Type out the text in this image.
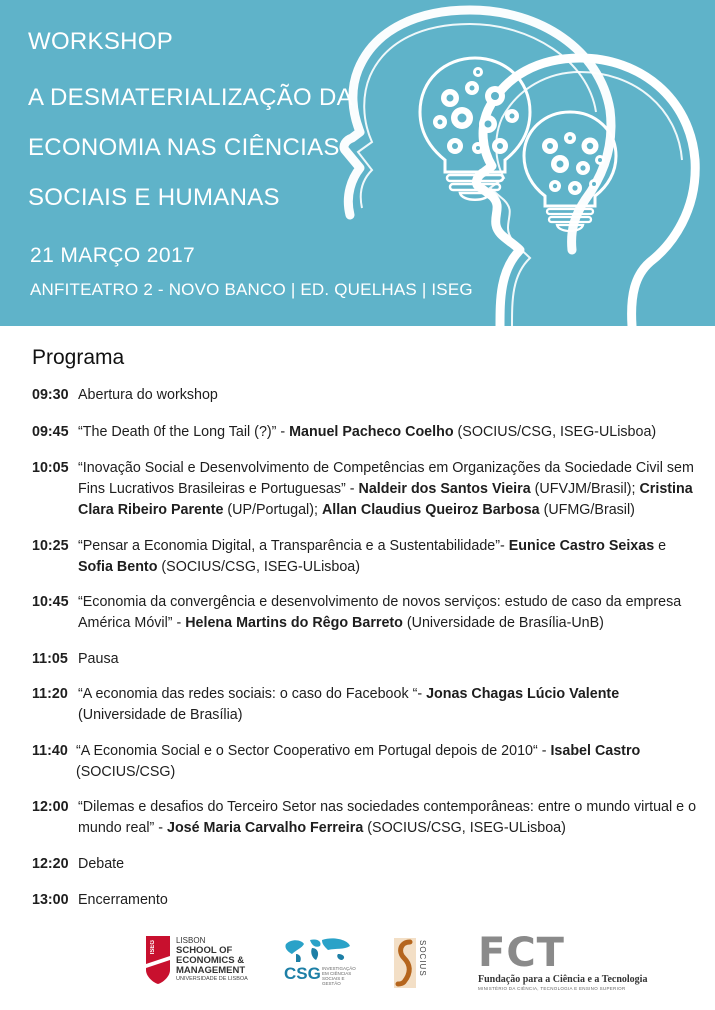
WORKSHOP
A DESMATERIALIZAÇÃO DA
ECONOMIA NAS CIÊNCIAS
SOCIAIS E HUMANAS
21 MARÇO 2017
ANFITEATRO 2 - NOVO BANCO | ED. QUELHAS | ISEG
Programa
09:30 Abertura do workshop
09:45 “The Death 0f the Long Tail (?)” - Manuel Pacheco Coelho (SOCIUS/CSG, ISEG-ULisboa)
10:05 “Inovação Social e Desenvolvimento de Competências em Organizações da Sociedade Civil sem Fins Lucrativos Brasileiras e Portuguesas” - Naldeir dos Santos Vieira (UFVJM/Brasil); Cristina Clara Ribeiro Parente (UP/Portugal); Allan Claudius Queiroz Barbosa (UFMG/Brasil)
10:25 “Pensar a Economia Digital, a Transparência e a Sustentabilidade”- Eunice Castro Seixas e Sofia Bento (SOCIUS/CSG, ISEG-ULisboa)
10:45 “Economia da convergência e desenvolvimento de novos serviços: estudo de caso da empresa América Móvil” - Helena Martins do Rêgo Barreto (Universidade de Brasília-UnB)
11:05 Pausa
11:20 “A economia das redes sociais: o caso do Facebook “- Jonas Chagas Lúcio Valente (Universidade de Brasília)
11:40 “A Economia Social e o Sector Cooperativo em Portugal depois de 2010“ - Isabel Castro (SOCIUS/CSG)
12:00 “Dilemas e desafios do Terceiro Setor nas sociedades contemporâneas: entre o mundo virtual e o mundo real” - José Maria Carvalho Ferreira (SOCIUS/CSG, ISEG-ULisboa)
12:20 Debate
13:00 Encerramento
ISEG	LISBON
SCHOOL OF
ECONOMICS &
MANAGEMENT
UNIVERSIDADE DE LISBOA CSG INVESTIGAÇÃO EM CIÊNCIAS SOCIAIS E GESTÃO
SOCIUS FCT
Fundação para a Ciência e a Tecnologia
MINISTÉRIO DA CIÊNCIA, TECNOLOGIA E ENSINO SUPERIOR
